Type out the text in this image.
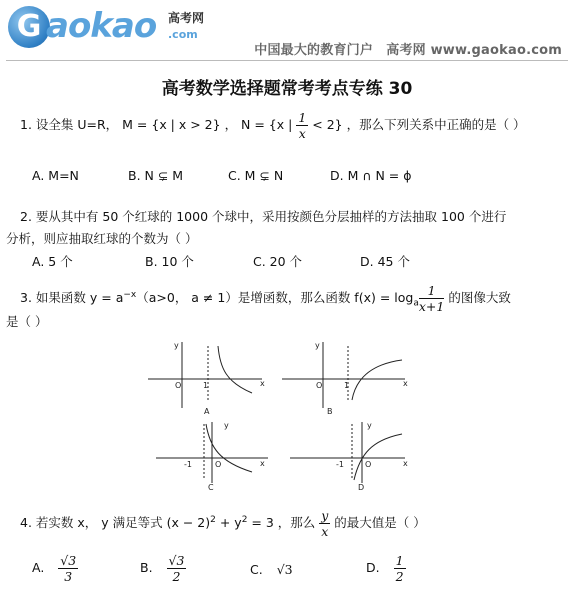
G aokao 高考网
.com
中国最大的教育门户　高考网 www.gaokao.com
高考数学选择题常考考点专练 30
1. 设全集 U=R， M = {x | x > 2} ， N = {x | $\frac{1}{x} < 2$} ，那么下列关系中正确的是（ ）
A. M=N	B. N ⊊ M	C. M ⊊ N	D. M ∩ N = ϕ
2. 要从其中有 50 个红球的 1000 个球中，采用按颜色分层抽样的方法抽取 100 个进行
分析，则应抽取红球的个数为（ ）
A. 5 个	B. 10 个	C. 20 个	D. 45 个
3. 如果函数 $y = a^{-x}(a>0$， a ≠ 1）是增函数，那么函数 $f(x) = \log_a \frac{1}{x+1}$ 的图像大致
是（ ）
y
x
O	1
A
y
x
O	1
B
y
x
O
-1
C
y
x
O
-1
D
4. 若实数 x， y 满足等式 $(x - 2)^2 + y^2 = 3$ ，那么 $\frac{y}{x}$ 的最大值是（ ）
A. $\frac{√3}{3}$	B. $\frac{√3}{2}$	C. √3	D. $\frac{1}{2}$
